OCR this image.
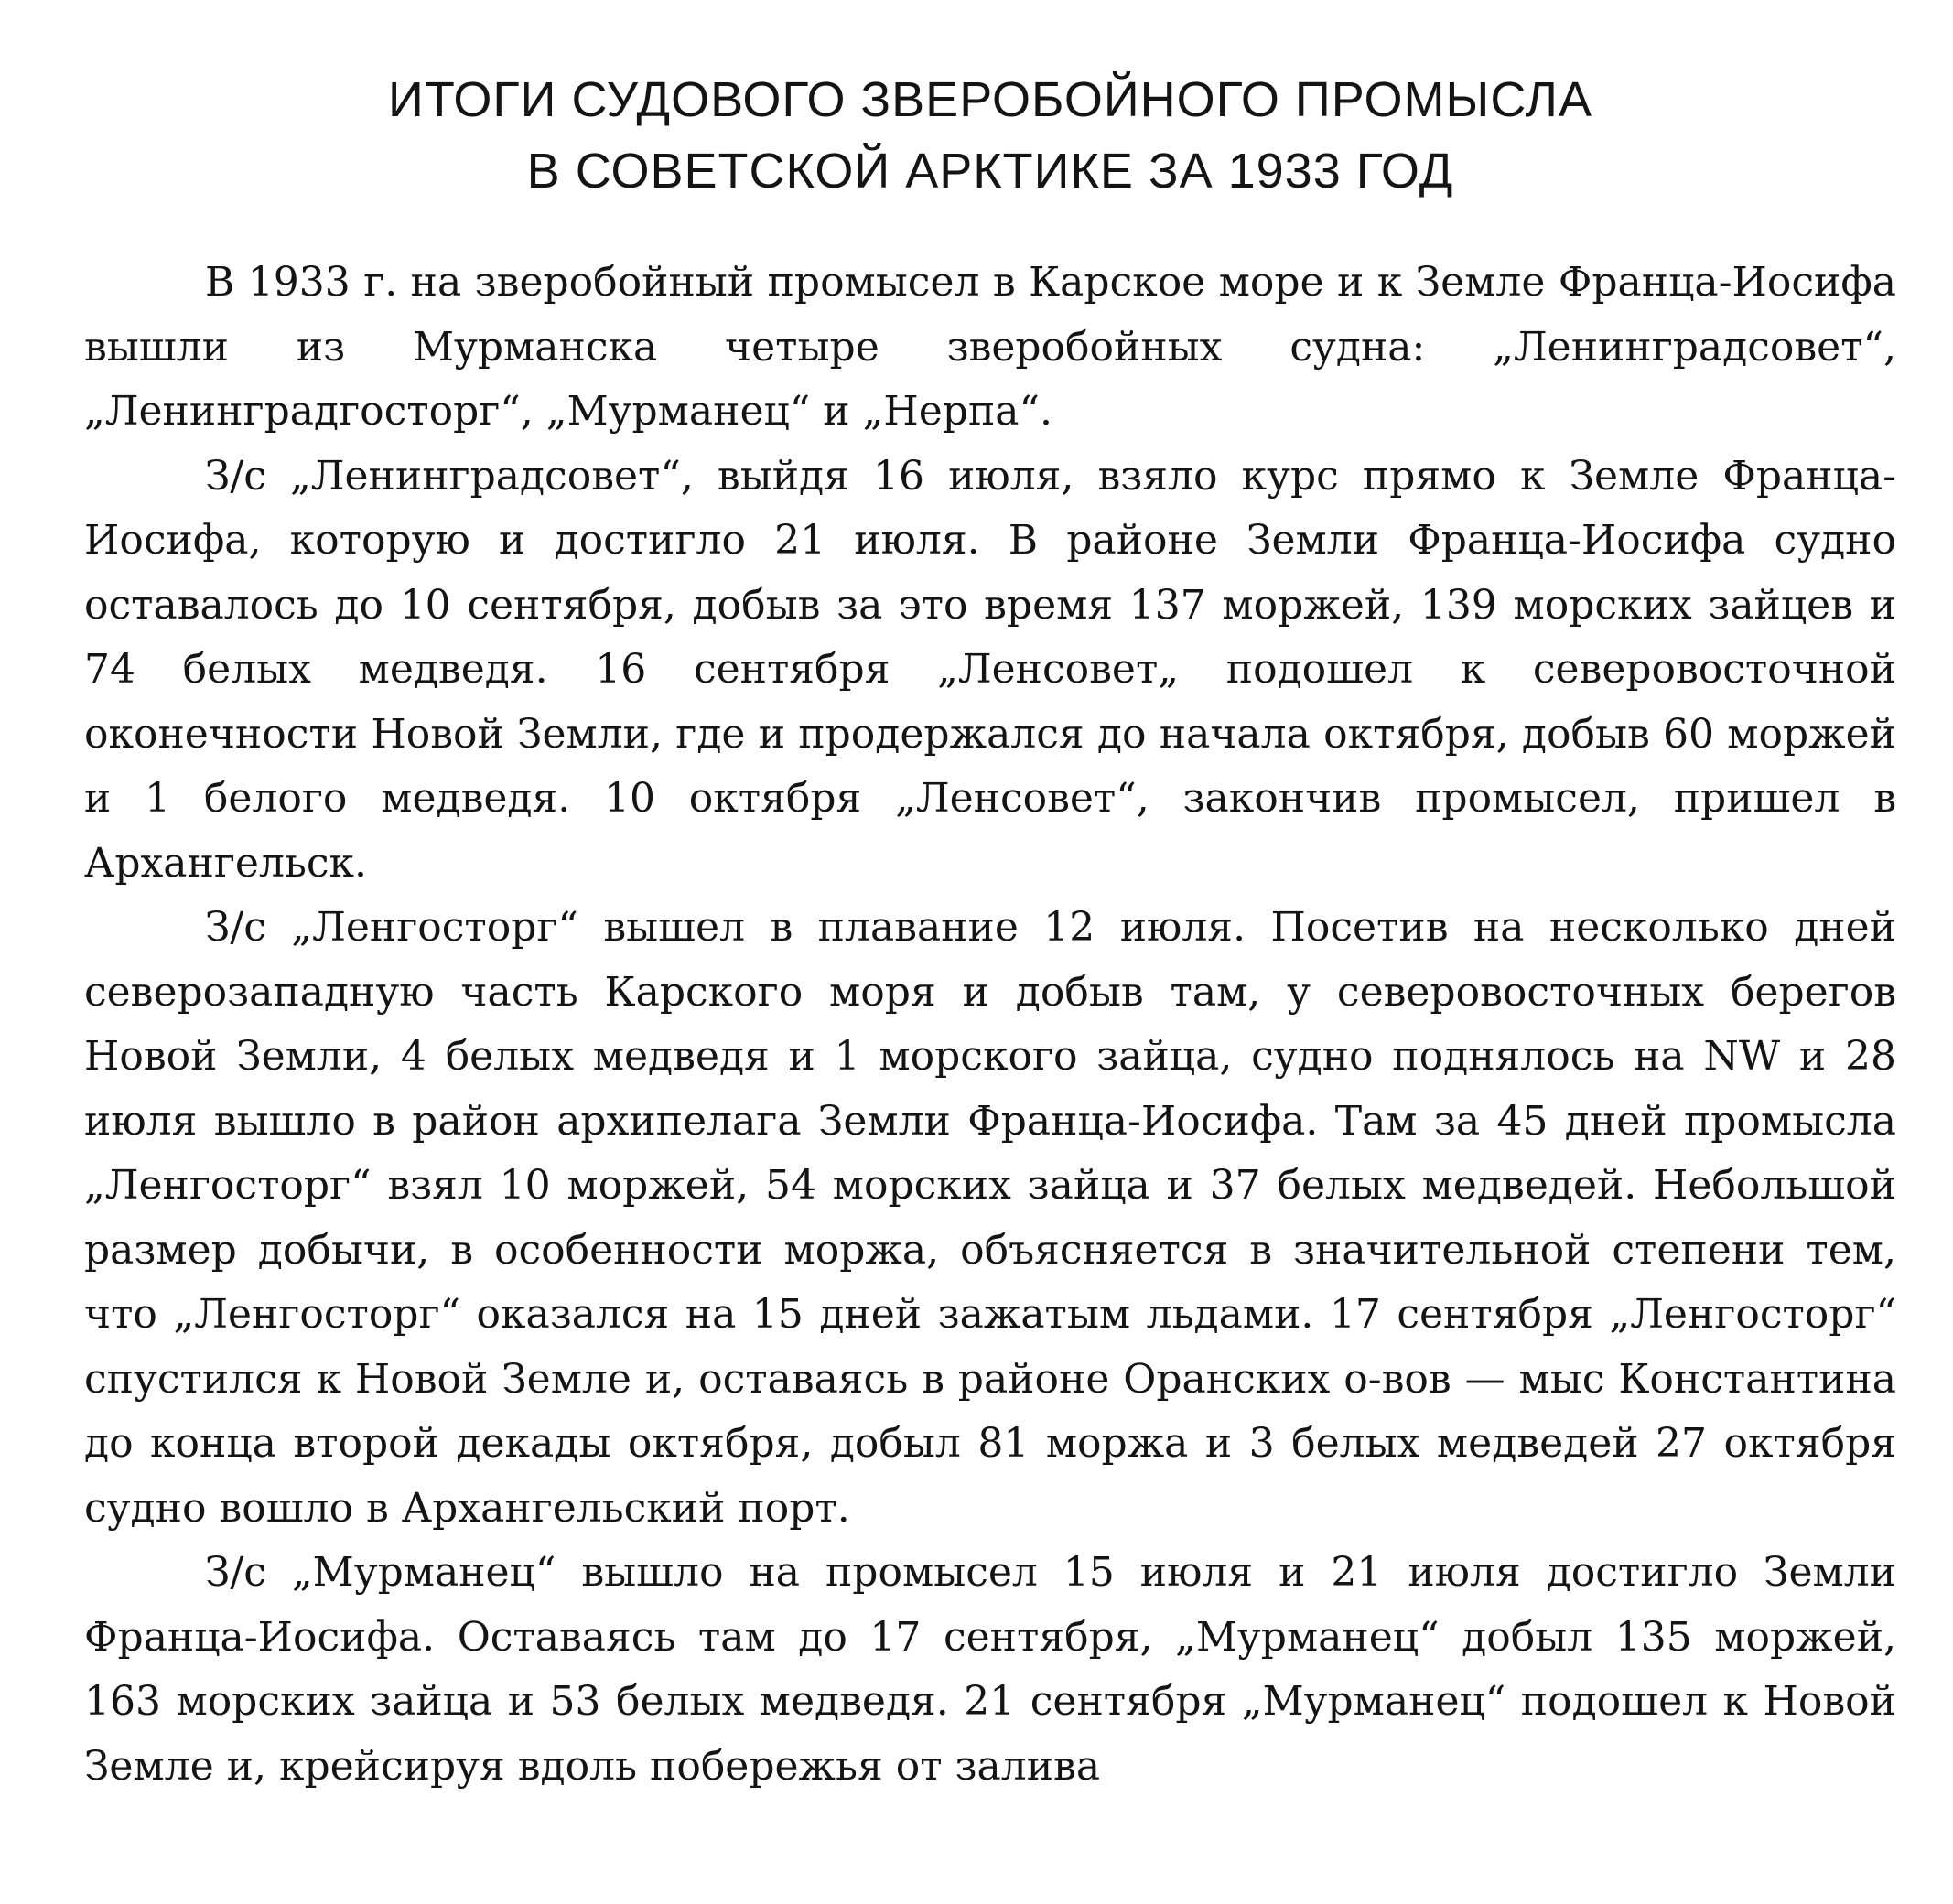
ИТОГИ СУДОВОГО ЗВЕРОБОЙНОГО ПРОМЫСЛА
В СОВЕТСКОЙ АРКТИКЕ ЗА 1933 ГОД

В 1933 г. на зверобойный промысел в Карское море и к Земле Франца-Иосифа вышли из Мурманска четыре зверобойных судна: „Ленинградсовет“, „Ленинградгосторг“, „Мурманец“ и „Нерпа“.

З/с „Ленинградсовет“, выйдя 16 июля, взяло курс прямо к Земле Франца-Иосифа, которую и достигло 21 июля. В районе Земли Франца-Иосифа судно оставалось до 10 сентября, добыв за это время 137 моржей, 139 морских зайцев и 74 белых медведя. 16 сентября „Ленсовет„ подошел к северовосточной оконечности Новой Земли, где и продержался до начала октября, добыв 60 моржей и 1 белого медведя. 10 октября „Ленсовет“, закончив промысел, пришел в Архангельск.

З/с „Ленгосторг“ вышел в плавание 12 июля. Посетив на несколько дней северозападную часть Карского моря и добыв там, у северовосточных берегов Новой Земли, 4 белых медведя и 1 морского зайца, судно поднялось на NW и 28 июля вышло в район архипелага Земли Франца-Иосифа. Там за 45 дней промысла „Ленгосторг“ взял 10 моржей, 54 морских зайца и 37 белых медведей. Небольшой размер добычи, в особенности моржа, объясняется в значительной степени тем, что „Ленгосторг“ оказался на 15 дней зажатым льдами. 17 сентября „Ленгосторг“ спустился к Новой Земле и, оставаясь в районе Оранских о-вов — мыс Константина до конца второй декады октября, добыл 81 моржа и 3 белых медведей 27 октября судно вошло в Архангельский порт.

З/с „Мурманец“ вышло на промысел 15 июля и 21 июля достигло Земли Франца-Иосифа. Оставаясь там до 17 сентября, „Мурманец“ добыл 135 моржей, 163 морских зайца и 53 белых медведя. 21 сентября „Мурманец“ подошел к Новой Земле и, крейсируя вдоль побережья от залива
